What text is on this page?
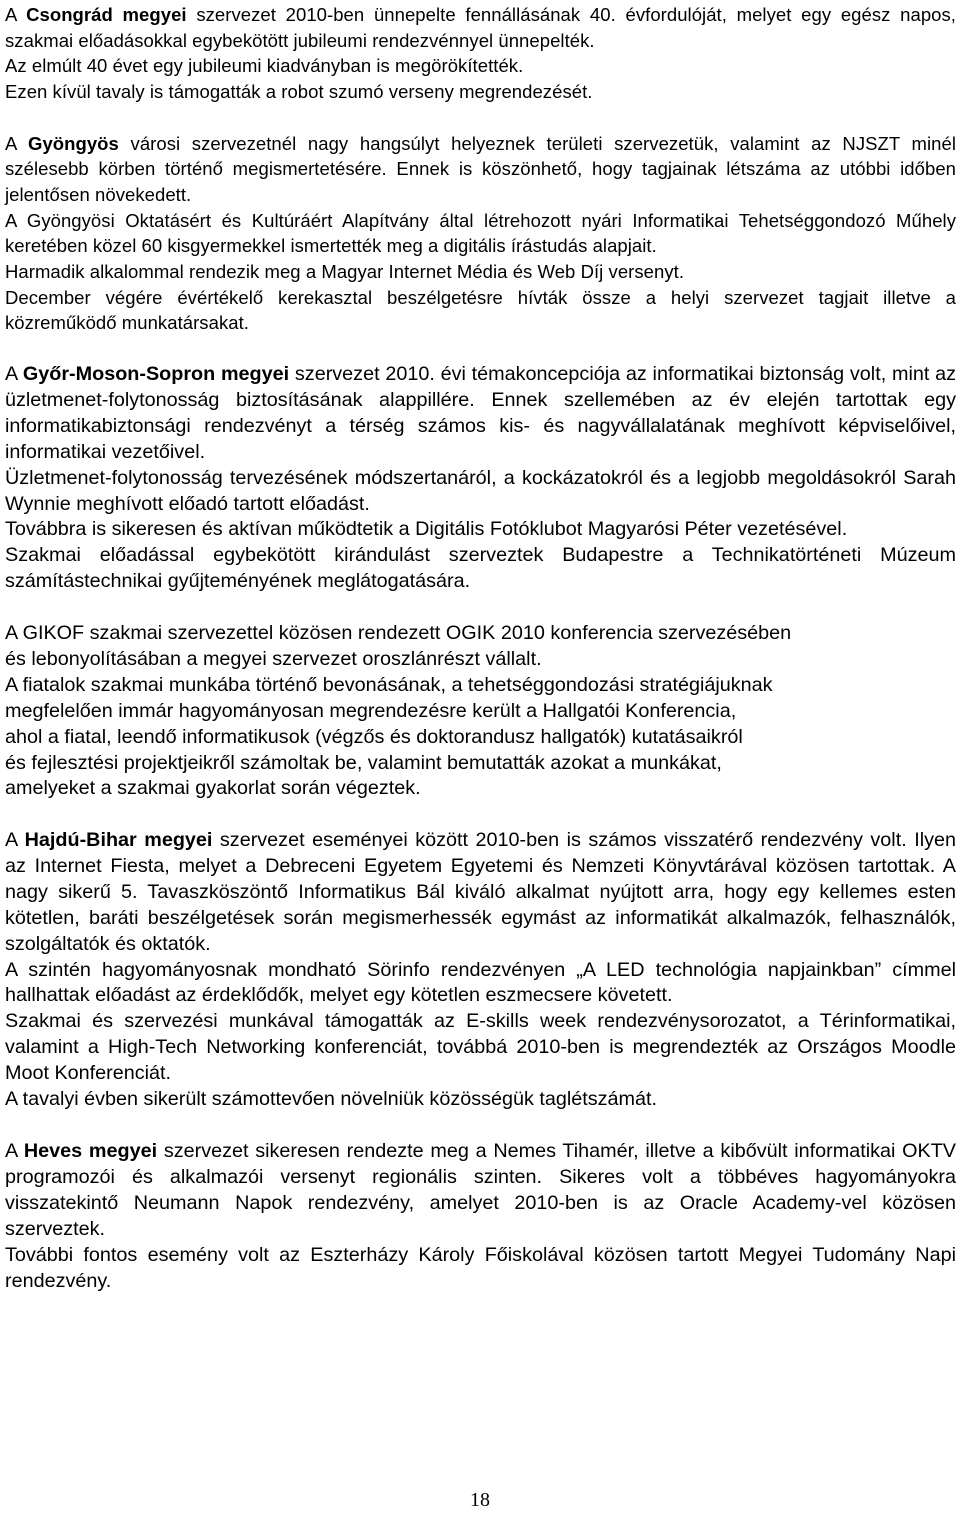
A Csongrád megyei szervezet 2010-ben ünnepelte fennállásának 40. évfordulóját, melyet egy egész napos, szakmai előadásokkal egybekötött jubileumi rendezvénnyel ünnepelték.

Az elmúlt 40 évet egy jubileumi kiadványban is megörökítették.

Ezen kívül tavaly is támogatták a robot szumó verseny megrendezését.

A Gyöngyös városi szervezetnél nagy hangsúlyt helyeznek területi szervezetük, valamint az NJSZT minél szélesebb körben történő megismertetésére. Ennek is köszönhető, hogy tagjainak létszáma az utóbbi időben jelentősen növekedett.

A Gyöngyösi Oktatásért és Kultúráért Alapítvány által létrehozott nyári Informatikai Tehetséggondozó Műhely keretében közel 60 kisgyermekkel ismertették meg a digitális írástudás alapjait.

Harmadik alkalommal rendezik meg a Magyar Internet Média és Web Díj versenyt.

December végére évértékelő kerekasztal beszélgetésre hívták össze a helyi szervezet tagjait illetve a közreműködő munkatársakat.

A Győr-Moson-Sopron megyei szervezet 2010. évi témakoncepciója az informatikai biztonság volt, mint az üzletmenet-folytonosság biztosításának alappillére. Ennek szellemében az év elején tartottak egy informatikabiztonsági rendezvényt a térség számos kis- és nagyvállalatának meghívott képviselőivel, informatikai vezetőivel.

Üzletmenet-folytonosság tervezésének módszertanáról, a kockázatokról és a legjobb megoldásokról Sarah Wynnie meghívott előadó tartott előadást.

Továbbra is sikeresen és aktívan működtetik a Digitális Fotóklubot Magyarósi Péter vezetésével.

Szakmai előadással egybekötött kirándulást szerveztek Budapestre a Technikatörténeti Múzeum számítástechnikai gyűjteményének meglátogatására.

A GIKOF szakmai szervezettel közösen rendezett OGIK 2010 konferencia szervezésében

és lebonyolításában a megyei szervezet oroszlánrészt vállalt.

A fiatalok szakmai munkába történő bevonásának, a tehetséggondozási stratégiájuknak

megfelelően immár hagyományosan megrendezésre került a Hallgatói Konferencia,

ahol a fiatal, leendő informatikusok (végzős és doktorandusz hallgatók) kutatásaikról

és fejlesztési projektjeikről számoltak be, valamint bemutatták azokat a munkákat,

amelyeket a szakmai gyakorlat során végeztek.

A Hajdú-Bihar megyei szervezet eseményei között 2010-ben is számos visszatérő rendezvény volt. Ilyen az Internet Fiesta, melyet a Debreceni Egyetem Egyetemi és Nemzeti Könyvtárával közösen tartottak. A nagy sikerű 5. Tavaszköszöntő Informatikus Bál kiváló alkalmat nyújtott arra, hogy egy kellemes esten kötetlen, baráti beszélgetések során megismerhessék egymást az informatikát alkalmazók, felhasználók, szolgáltatók és oktatók.

A szintén hagyományosnak mondható Sörinfo rendezvényen „A LED technológia napjainkban” címmel hallhattak előadást az érdeklődők, melyet egy kötetlen eszmecsere követett.

Szakmai és szervezési munkával támogatták az E-skills week rendezvénysorozatot, a Térinformatikai, valamint a High-Tech Networking konferenciát, továbbá 2010-ben is megrendezték az Országos Moodle Moot Konferenciát.

A tavalyi évben sikerült számottevően növelniük közösségük taglétszámát.

A Heves megyei szervezet sikeresen rendezte meg a Nemes Tihamér, illetve a kibővült informatikai OKTV programozói és alkalmazói versenyt regionális szinten. Sikeres volt a többéves hagyományokra visszatekintő Neumann Napok rendezvény, amelyet 2010-ben is az Oracle Academy-vel közösen szerveztek.

További fontos esemény volt az Eszterházy Károly Főiskolával közösen tartott Megyei Tudomány Napi rendezvény.

18
